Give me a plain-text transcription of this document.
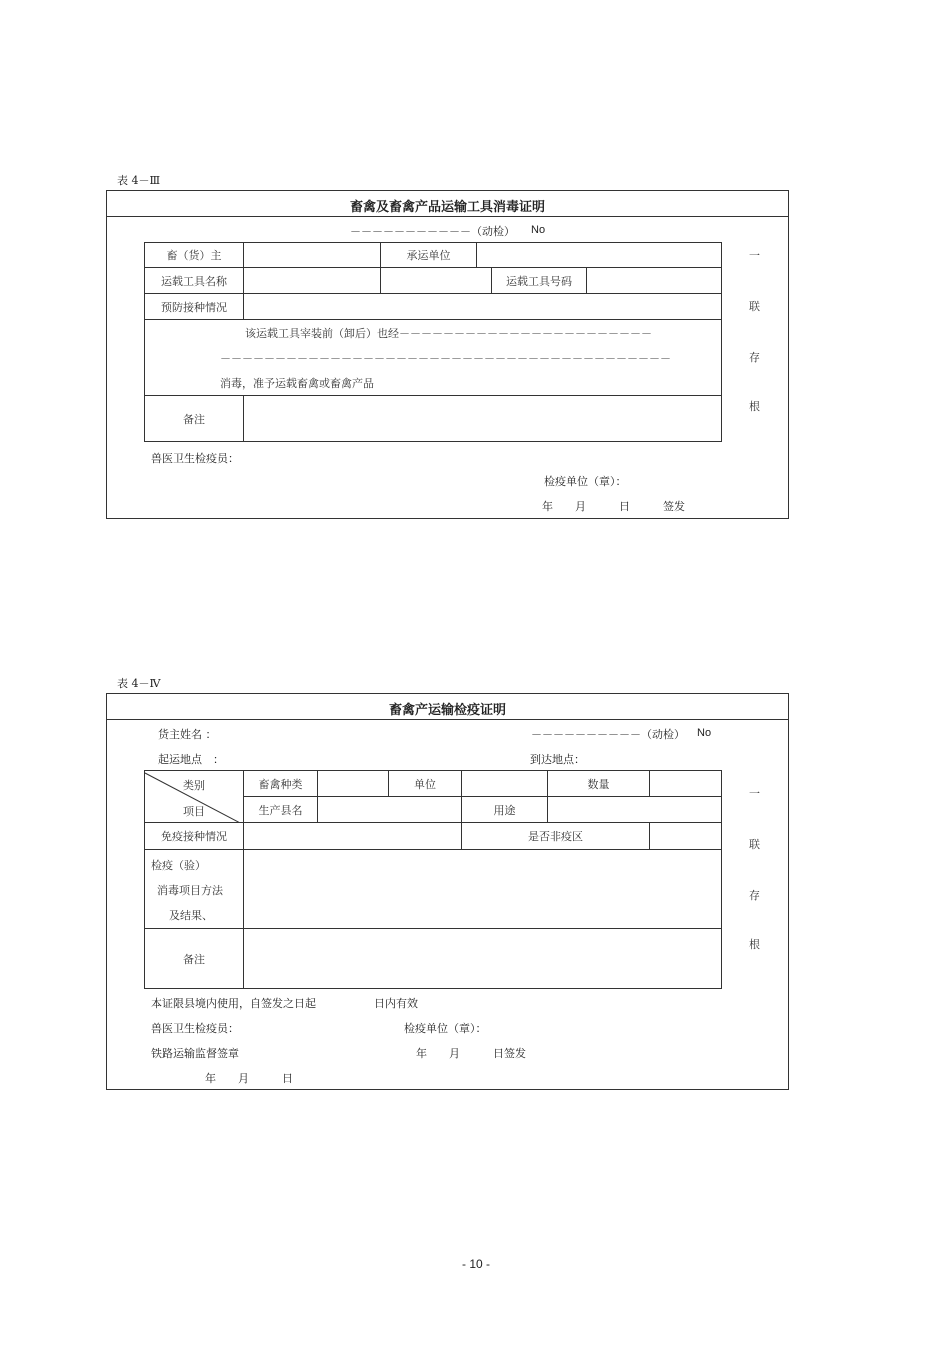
表 4－Ⅲ
畜禽及畜禽产品运输工具消毒证明
－－－－－－－－－－－（动检） No
畜（货）主		承运单位			
运载工具名称				运载工具号码	
预防接种情况					

该运载工具宰装前（卸后）也经－－－－－－－－－－－－－－－－－－－－－－－
－－－－－－－－－－－－－－－－－－－－－－－－－－－－－－－－－－－－－－－－－
消毒，准予运载畜禽或畜禽产品					

备注					
一
联
存
根
兽医卫生检疫员：
检疫单位（章）：
年　　月　　　日　　　签发
表 4－Ⅳ
畜禽产运输检疫证明
货主姓名 ：	－－－－－－－－－－（动检） No
起运地点　：	到达地点：
类别
项目	畜禽种类		单位		数量	
	生产县名			用途		
免疫接种情况				是否非疫区		

检疫（验）
消毒项目方法
及结果、						

备注						
一
联
存
根
本证限县境内使用，自签发之日起	日内有效
兽医卫生检疫员：	检疫单位（章）：
铁路运输监督签章	年　　月　　　日签发
年　　月　　　日
- 10 -
